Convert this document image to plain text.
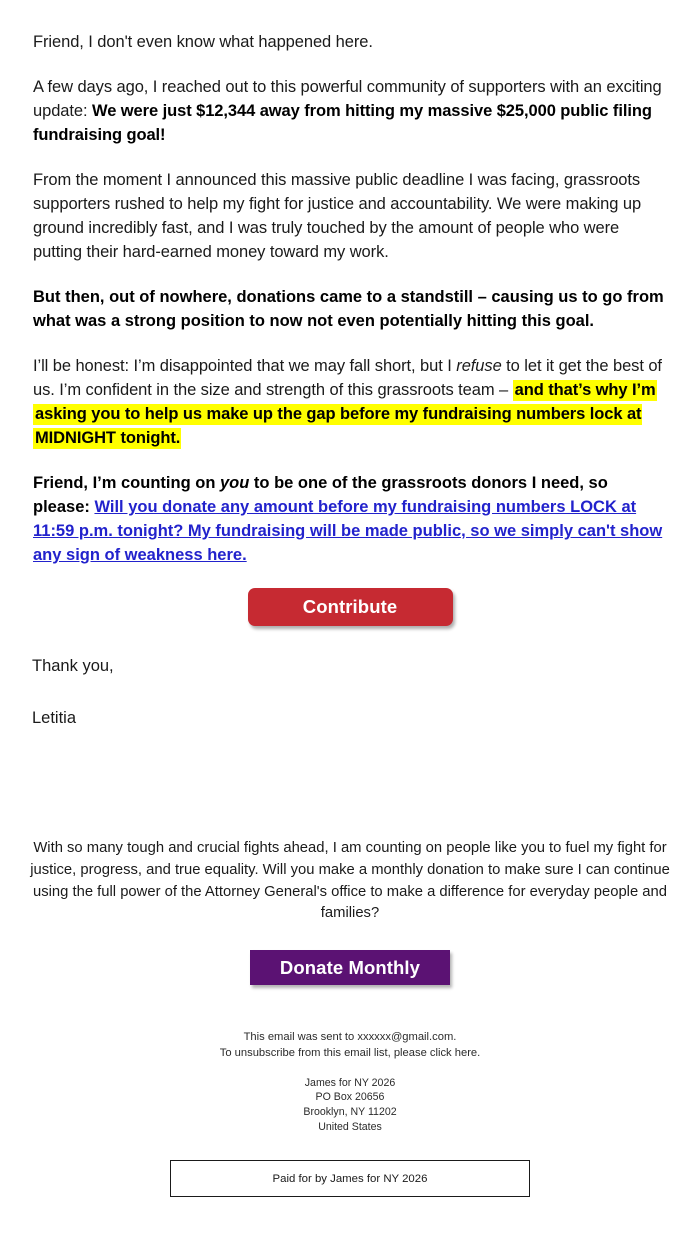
Friend, I don't even know what happened here.

A few days ago, I reached out to this powerful community of supporters with an exciting update: We were just $12,344 away from hitting my massive $25,000 public filing fundraising goal!

From the moment I announced this massive public deadline I was facing, grassroots supporters rushed to help my fight for justice and accountability. We were making up ground incredibly fast, and I was truly touched by the amount of people who were putting their hard-earned money toward my work.

But then, out of nowhere, donations came to a standstill – causing us to go from what was a strong position to now not even potentially hitting this goal.

I’ll be honest: I’m disappointed that we may fall short, but I refuse to let it get the best of us. I’m confident in the size and strength of this grassroots team – and that’s why I’m asking you to help us make up the gap before my fundraising numbers lock at MIDNIGHT tonight.

Friend, I’m counting on you to be one of the grassroots donors I need, so please: Will you donate any amount before my fundraising numbers LOCK at 11:59 p.m. tonight? My fundraising will be made public, so we simply can't show any sign of weakness here.

Contribute

Thank you,

Letitia

With so many tough and crucial fights ahead, I am counting on people like you to fuel my fight for justice, progress, and true equality. Will you make a monthly donation to make sure I can continue using the full power of the Attorney General's office to make a difference for everyday people and families?

Donate Monthly

This email was sent to xxxxxx@gmail.com.

To unsubscribe from this email list, please click here.

James for NY 2026

PO Box 20656

Brooklyn, NY 11202

United States

Paid for by James for NY 2026
